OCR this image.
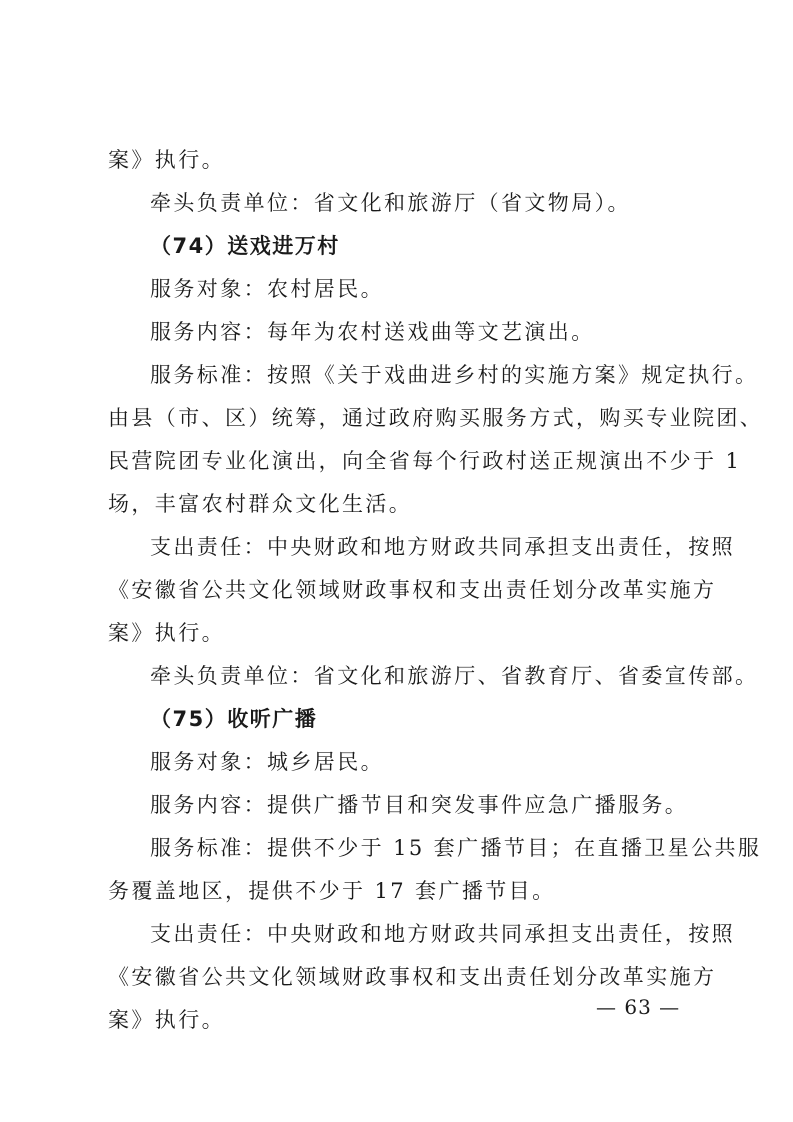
案》执行。
牵头负责单位：省文化和旅游厅（省文物局）。
（74）送戏进万村
服务对象：农村居民。
服务内容：每年为农村送戏曲等文艺演出。
服务标准：按照《关于戏曲进乡村的实施方案》规定执行。
由县（市、区）统筹，通过政府购买服务方式，购买专业院团、
民营院团专业化演出，向全省每个行政村送正规演出不少于 1
场，丰富农村群众文化生活。
支出责任：中央财政和地方财政共同承担支出责任，按照
《安徽省公共文化领域财政事权和支出责任划分改革实施方
案》执行。
牵头负责单位：省文化和旅游厅、省教育厅、省委宣传部。
（75）收听广播
服务对象：城乡居民。
服务内容：提供广播节目和突发事件应急广播服务。
服务标准：提供不少于 15 套广播节目；在直播卫星公共服
务覆盖地区，提供不少于 17 套广播节目。
支出责任：中央财政和地方财政共同承担支出责任，按照
《安徽省公共文化领域财政事权和支出责任划分改革实施方
案》执行。
— 63 —
